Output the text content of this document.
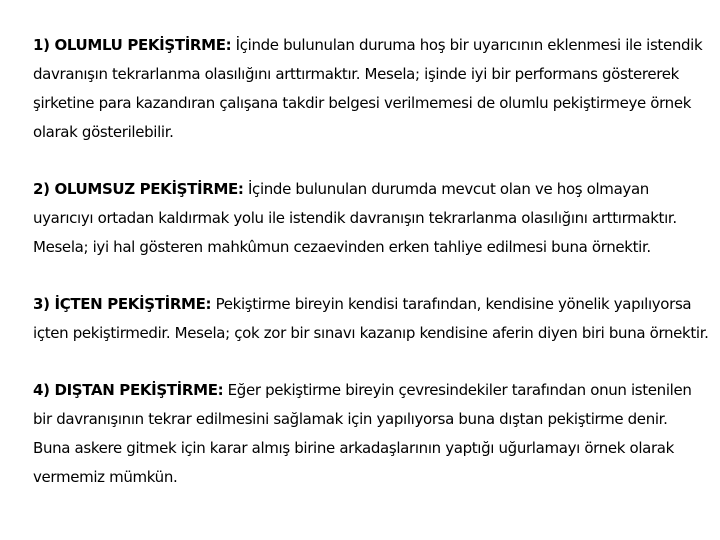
1) OLUMLU PEKİŞTİRME: İçinde bulunulan duruma hoş bir uyarıcının eklenmesi ile istendik davranışın tekrarlanma olasılığını arttırmaktır. Mesela; işinde iyi bir performans göstererek şirketine para kazandıran çalışana takdir belgesi verilmemesi de olumlu pekiştirmeye örnek olarak gösterilebilir.

2) OLUMSUZ PEKİŞTİRME: İçinde bulunulan durumda mevcut olan ve hoş olmayan uyarıcıyı ortadan kaldırmak yolu ile istendik davranışın tekrarlanma olasılığını arttırmaktır. Mesela; iyi hal gösteren mahkûmun cezaevinden erken tahliye edilmesi buna örnektir.

3) İÇTEN PEKİŞTİRME: Pekiştirme bireyin kendisi tarafından, kendisine yönelik yapılıyorsa içten pekiştirmedir. Mesela; çok zor bir sınavı kazanıp kendisine aferin diyen biri buna örnektir.

4) DIŞTAN PEKİŞTİRME: Eğer pekiştirme bireyin çevresindekiler tarafından onun istenilen bir davranışının tekrar edilmesini sağlamak için yapılıyorsa buna dıştan pekiştirme denir. Buna askere gitmek için karar almış birine arkadaşlarının yaptığı uğurlamayı örnek olarak vermemiz mümkün.
